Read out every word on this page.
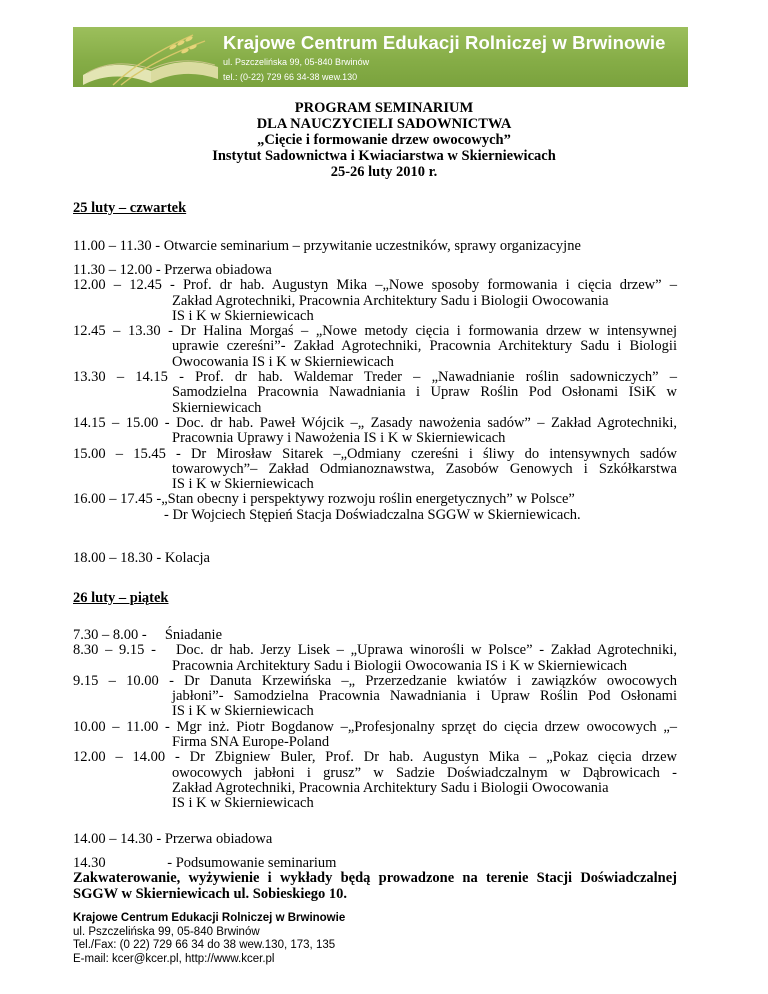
Krajowe Centrum Edukacji Rolniczej w Brwinowie
ul. Pszczelińska 99, 05-840 Brwinów
tel.: (0-22) 729 66 34-38 wew.130
PROGRAM SEMINARIUM
DLA NAUCZYCIELI SADOWNICTWA
„Cięcie i formowanie drzew owocowych”
Instytut Sadownictwa i Kwiaciarstwa w Skierniewicach
25-26 luty 2010 r.
25 luty – czwartek
11.00 – 11.30 - Otwarcie seminarium – przywitanie uczestników, sprawy organizacyjne
11.30 – 12.00 - Przerwa obiadowa
12.00 – 12.45 - Prof. dr hab. Augustyn Mika –„Nowe sposoby formowania i cięcia drzew” –
Zakład Agrotechniki, Pracownia Architektury Sadu i Biologii Owocowania
IS i K w Skierniewicach
12.45 – 13.30 - Dr Halina Morgaś – „Nowe metody cięcia i formowania drzew w intensywnej
uprawie czereśni”- Zakład Agrotechniki, Pracownia Architektury Sadu i Biologii
Owocowania IS i K w Skierniewicach
13.30 – 14.15 - Prof. dr hab. Waldemar Treder – „Nawadnianie roślin sadowniczych” –
Samodzielna Pracownia Nawadniania i Upraw Roślin Pod Osłonami ISiK w
Skierniewicach
14.15 – 15.00 - Doc. dr hab. Paweł Wójcik –„ Zasady nawożenia sadów” – Zakład Agrotechniki,
Pracownia Uprawy i Nawożenia IS i K w Skierniewicach
15.00 – 15.45 - Dr Mirosław Sitarek –„Odmiany czereśni i śliwy do intensywnych sadów
towarowych”– Zakład Odmianoznawstwa, Zasobów Genowych i Szkółkarstwa
IS i K w Skierniewicach
16.00 – 17.45 -„Stan obecny i perspektywy rozwoju roślin energetycznych” w Polsce”
- Dr Wojciech Stępień Stacja Doświadczalna SGGW w Skierniewicach.
18.00 – 18.30 - Kolacja
26 luty – piątek
7.30 – 8.00 -     Śniadanie
8.30 – 9.15 -   Doc. dr hab. Jerzy Lisek – „Uprawa winorośli w Polsce” - Zakład Agrotechniki,
Pracownia Architektury Sadu i Biologii Owocowania IS i K w Skierniewicach
9.15 – 10.00 - Dr Danuta Krzewińska –„ Przerzedzanie kwiatów i zawiązków owocowych
jabłoni”- Samodzielna Pracownia Nawadniania i Upraw Roślin Pod Osłonami
IS i K w Skierniewicach
10.00 – 11.00 - Mgr inż. Piotr Bogdanow –„Profesjonalny sprzęt do cięcia drzew owocowych „–
Firma SNA Europe-Poland
12.00 – 14.00 - Dr Zbigniew Buler, Prof. Dr hab. Augustyn Mika – „Pokaz cięcia drzew
owocowych jabłoni i grusz” w Sadzie Doświadczalnym w Dąbrowicach -
Zakład Agrotechniki, Pracownia Architektury Sadu i Biologii Owocowania
IS i K w Skierniewicach
14.00 – 14.30 - Przerwa obiadowa
14.30                 - Podsumowanie seminarium
Zakwaterowanie, wyżywienie i wykłady będą prowadzone na terenie Stacji Doświadczalnej
SGGW w Skierniewicach ul. Sobieskiego 10.
Krajowe Centrum Edukacji Rolniczej w Brwinowie
ul. Pszczelińska 99, 05-840 Brwinów
Tel./Fax: (0 22) 729 66 34 do 38 wew.130, 173, 135
E-mail: kcer@kcer.pl, http://www.kcer.pl
